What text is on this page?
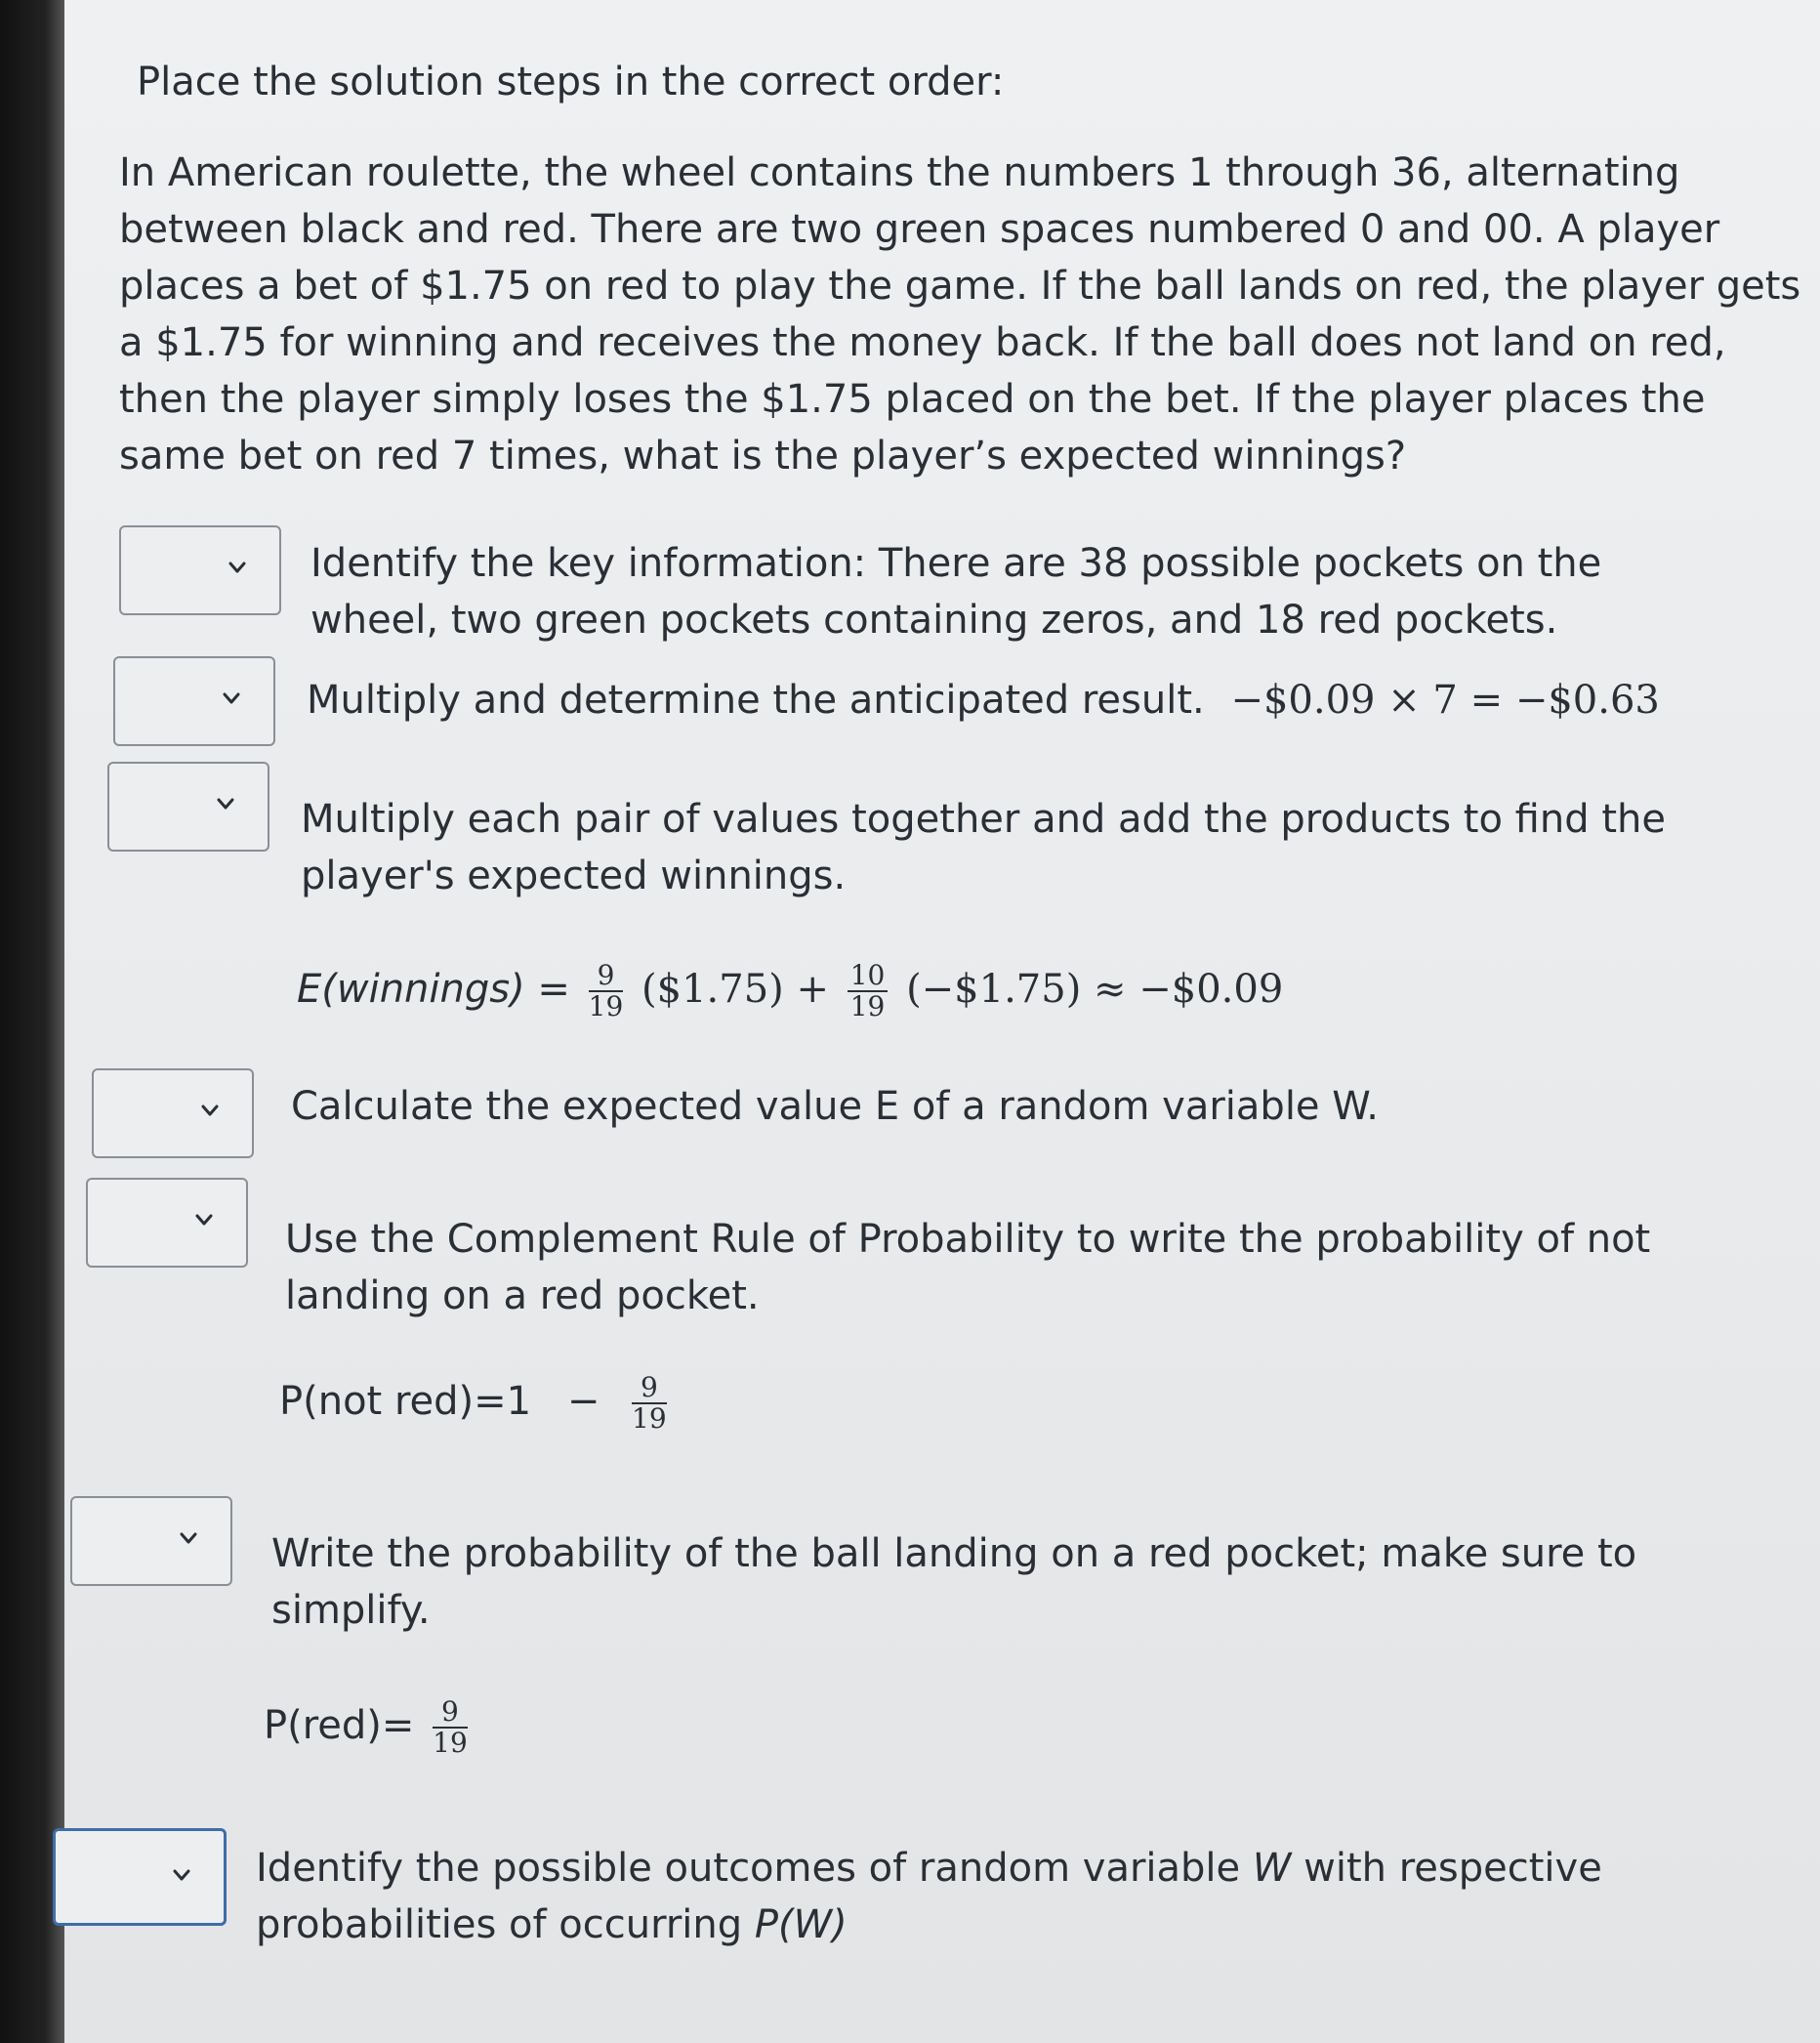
Place the solution steps in the correct order:
In American roulette, the wheel contains the numbers 1 through 36, alternating
between black and red. There are two green spaces numbered 0 and 00. A player
places a bet of $1.75 on red to play the game. If the ball lands on red, the player gets
a $1.75 for winning and receives the money back. If the ball does not land on red,
then the player simply loses the $1.75 placed on the bet. If the player places the
same bet on red 7 times, what is the player’s expected winnings?
Identify the key information: There are 38 possible pockets on the
wheel, two green pockets containing zeros, and 18 red pockets.
Multiply and determine the anticipated result. −$0.09 × 7 = −$0.63
Multiply each pair of values together and add the products to find the
player's expected winnings.
E(winnings) = $\frac{9}{19}$ ($1.75) + $\frac{10}{19}$ (−$1.75) ≈ −$0.09
Calculate the expected value E of a random variable W.
Use the Complement Rule of Probability to write the probability of not
landing on a red pocket.
P(not $red)=1 - \frac{9}{19}$
Write the probability of the ball landing on a red pocket; make sure to
simplify.
$P(red)= \frac{9}{19}$
Identify the possible outcomes of random variable W with respective
probabilities of occurring P(W)
